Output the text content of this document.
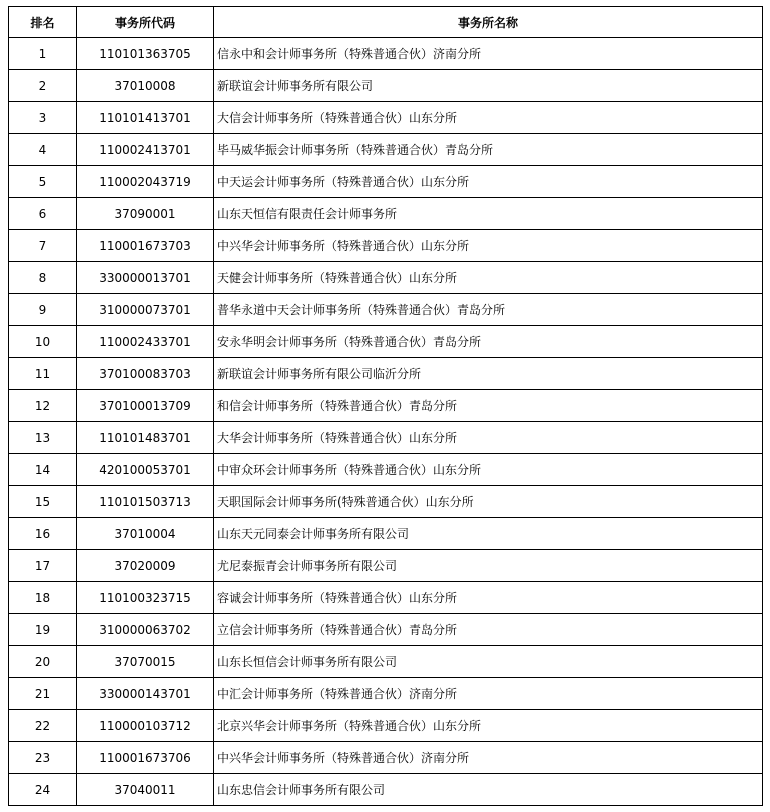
排名	事务所代码	事务所名称
1	110101363705	信永中和会计师事务所（特殊普通合伙）济南分所
2	37010008	新联谊会计师事务所有限公司
3	110101413701	大信会计师事务所（特殊普通合伙）山东分所
4	110002413701	毕马威华振会计师事务所（特殊普通合伙）青岛分所
5	110002043719	中天运会计师事务所（特殊普通合伙）山东分所
6	37090001	山东天恒信有限责任会计师事务所
7	110001673703	中兴华会计师事务所（特殊普通合伙）山东分所
8	330000013701	天健会计师事务所（特殊普通合伙）山东分所
9	310000073701	普华永道中天会计师事务所（特殊普通合伙）青岛分所
10	110002433701	安永华明会计师事务所（特殊普通合伙）青岛分所
11	370100083703	新联谊会计师事务所有限公司临沂分所
12	370100013709	和信会计师事务所（特殊普通合伙）青岛分所
13	110101483701	大华会计师事务所（特殊普通合伙）山东分所
14	420100053701	中审众环会计师事务所（特殊普通合伙）山东分所
15	110101503713	天职国际会计师事务所(特殊普通合伙）山东分所
16	37010004	山东天元同泰会计师事务所有限公司
17	37020009	尤尼泰振青会计师事务所有限公司
18	110100323715	容诚会计师事务所（特殊普通合伙）山东分所
19	310000063702	立信会计师事务所（特殊普通合伙）青岛分所
20	37070015	山东长恒信会计师事务所有限公司
21	330000143701	中汇会计师事务所（特殊普通合伙）济南分所
22	110000103712	北京兴华会计师事务所（特殊普通合伙）山东分所
23	110001673706	中兴华会计师事务所（特殊普通合伙）济南分所
24	37040011	山东忠信会计师事务所有限公司
